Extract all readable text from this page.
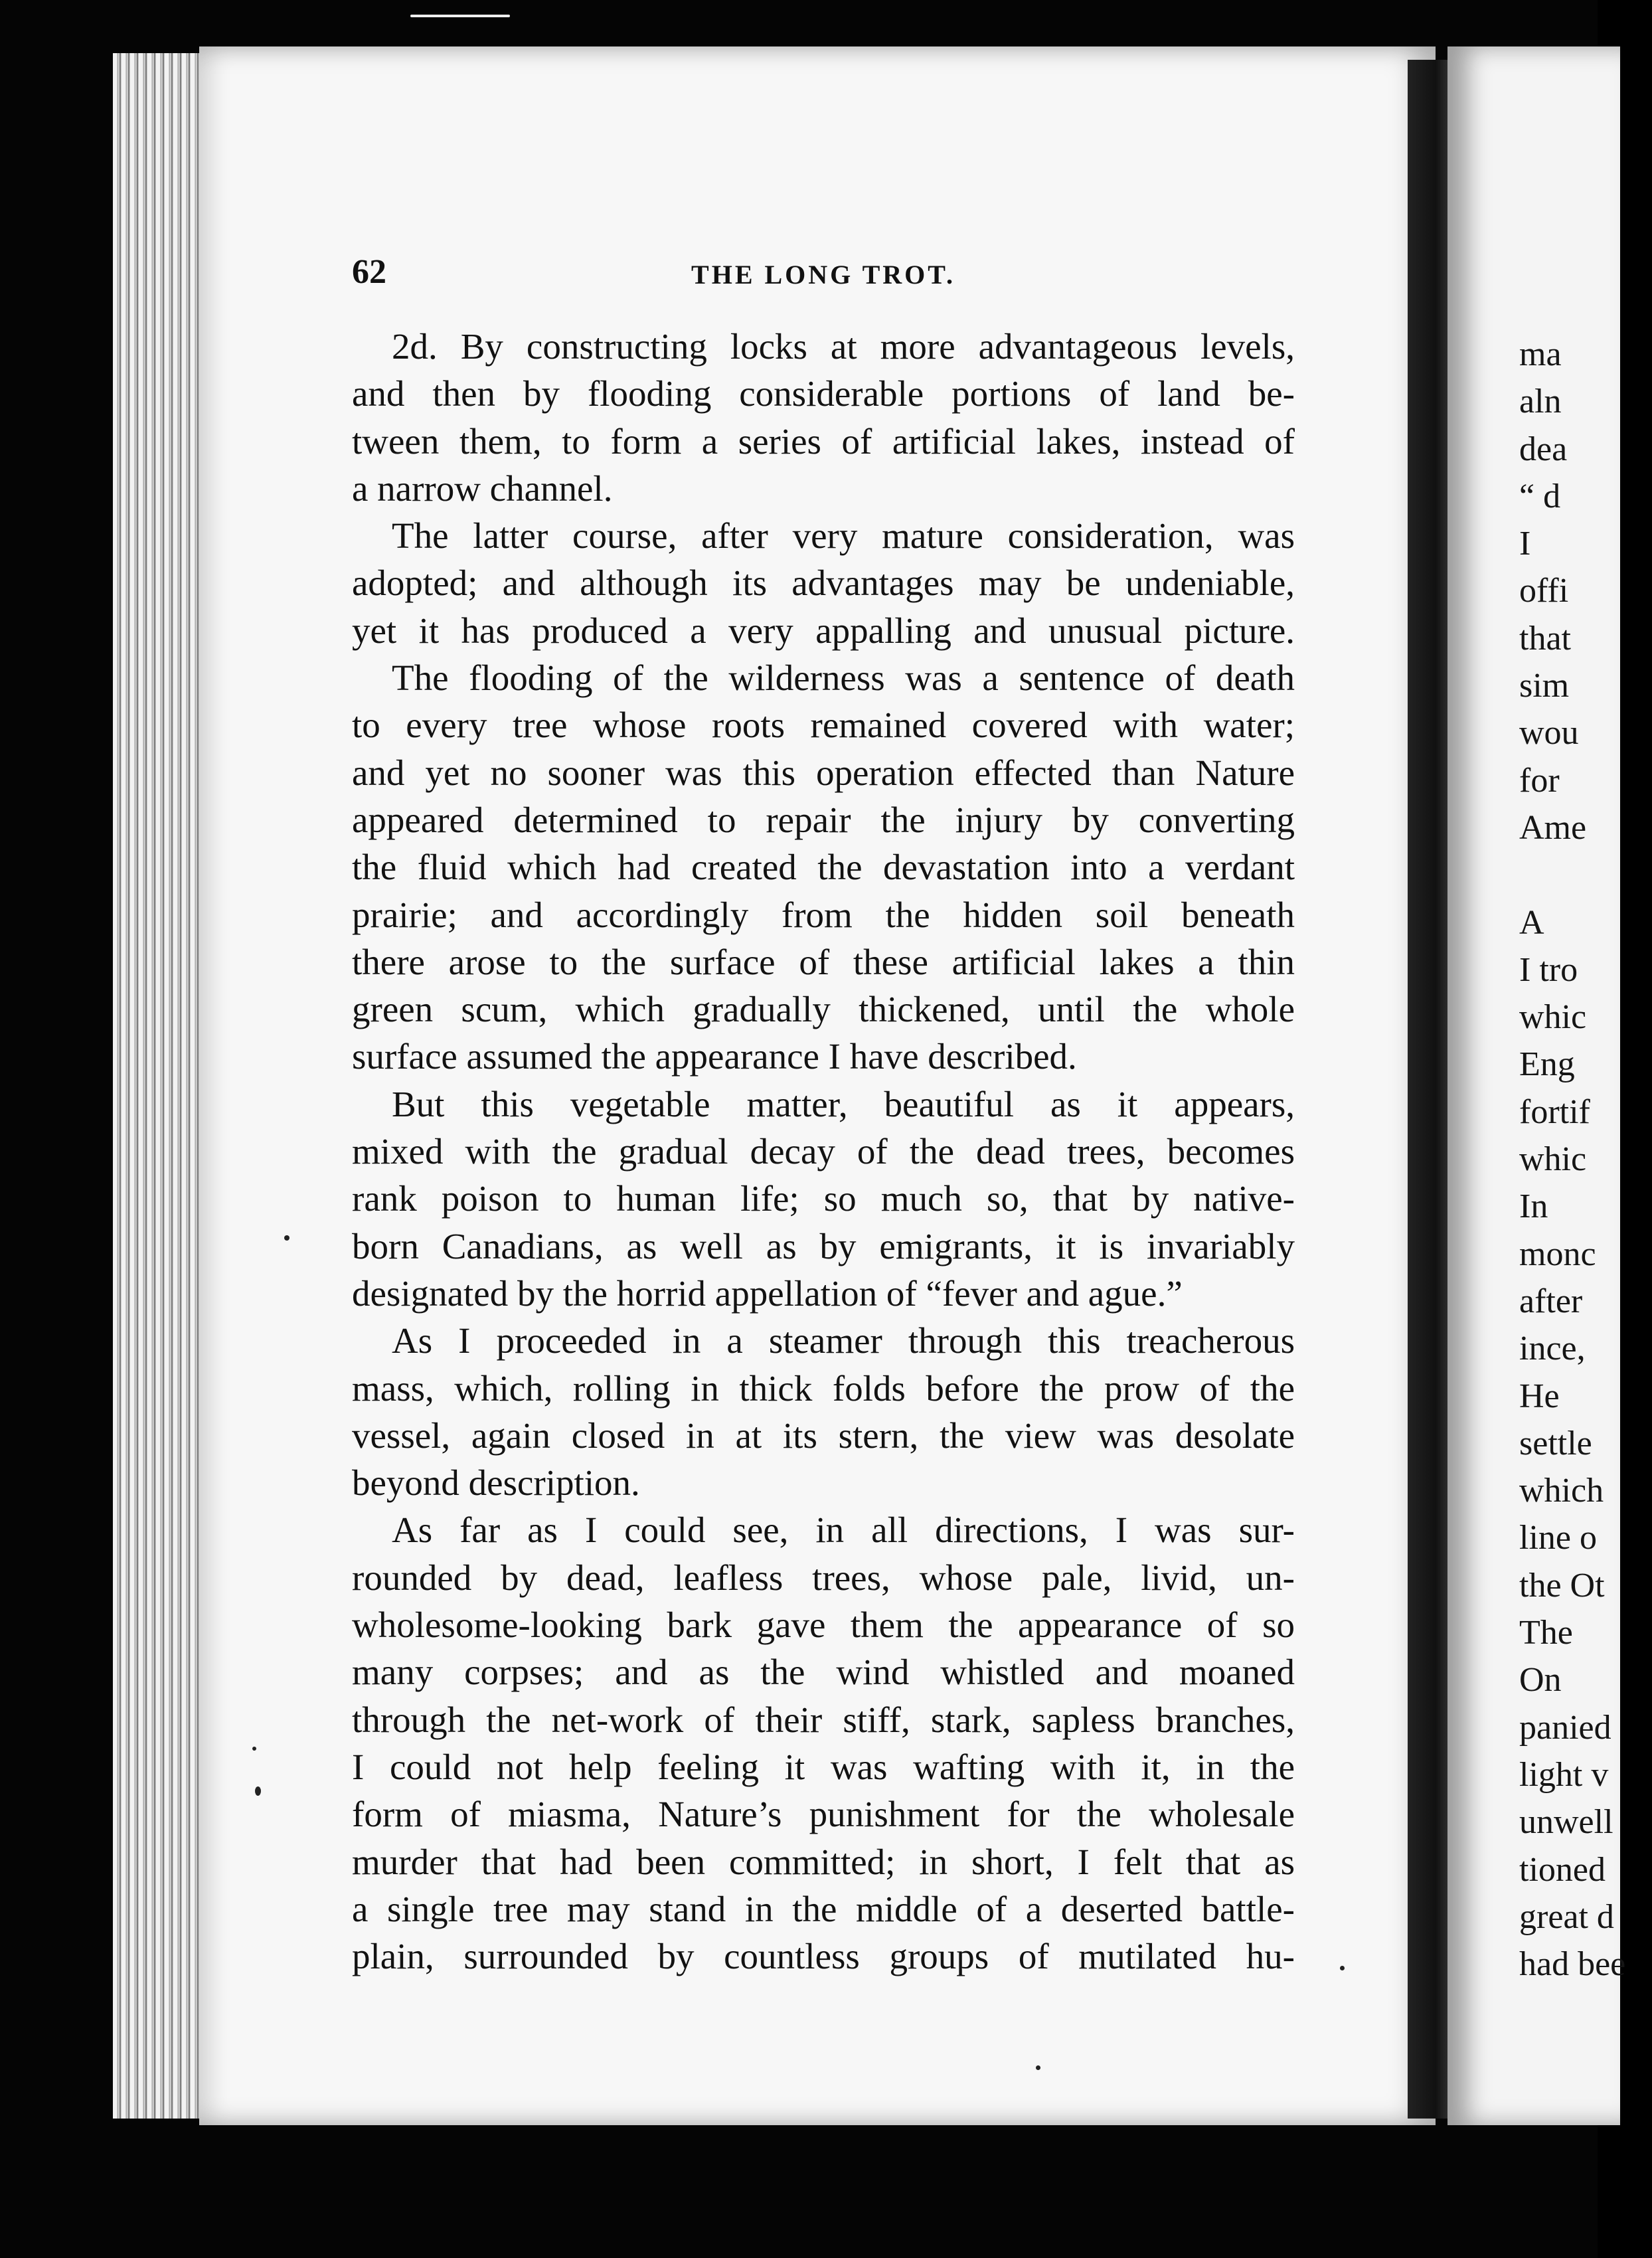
62	THE LONG TROT.
2d. By constructing locks at more advantageous levels,
and then by flooding considerable portions of land be-
tween them, to form a series of artificial lakes, instead of
a narrow channel.
The latter course, after very mature consideration, was
adopted; and although its advantages may be undeniable,
yet it has produced a very appalling and unusual picture.
The flooding of the wilderness was a sentence of death
to every tree whose roots remained covered with water;
and yet no sooner was this operation effected than Nature
appeared determined to repair the injury by converting
the fluid which had created the devastation into a verdant
prairie; and accordingly from the hidden soil beneath
there arose to the surface of these artificial lakes a thin
green scum, which gradually thickened, until the whole
surface assumed the appearance I have described.
But this vegetable matter, beautiful as it appears,
mixed with the gradual decay of the dead trees, becomes
rank poison to human life; so much so, that by native-
born Canadians, as well as by emigrants, it is invariably
designated by the horrid appellation of “fever and ague.”
As I proceeded in a steamer through this treacherous
mass, which, rolling in thick folds before the prow of the
vessel, again closed in at its stern, the view was desolate
beyond description.
As far as I could see, in all directions, I was sur-
rounded by dead, leafless trees, whose pale, livid, un-
wholesome-looking bark gave them the appearance of so
many corpses; and as the wind whistled and moaned
through the net-work of their stiff, stark, sapless branches,
I could not help feeling it was wafting with it, in the
form of miasma, Nature’s punishment for the wholesale
murder that had been committed; in short, I felt that as
a single tree may stand in the middle of a deserted battle-
plain, surrounded by countless groups of mutilated hu-
ma
aln
dea
“ d
I
offi
that
sim
wou
for
Ame
A
I tro
whic
Eng
fortif
whic
In
monc
after
ince,
He
settle
which
line o
the Ot
The
On
panied
light v
unwell
tioned
great d
had bee
